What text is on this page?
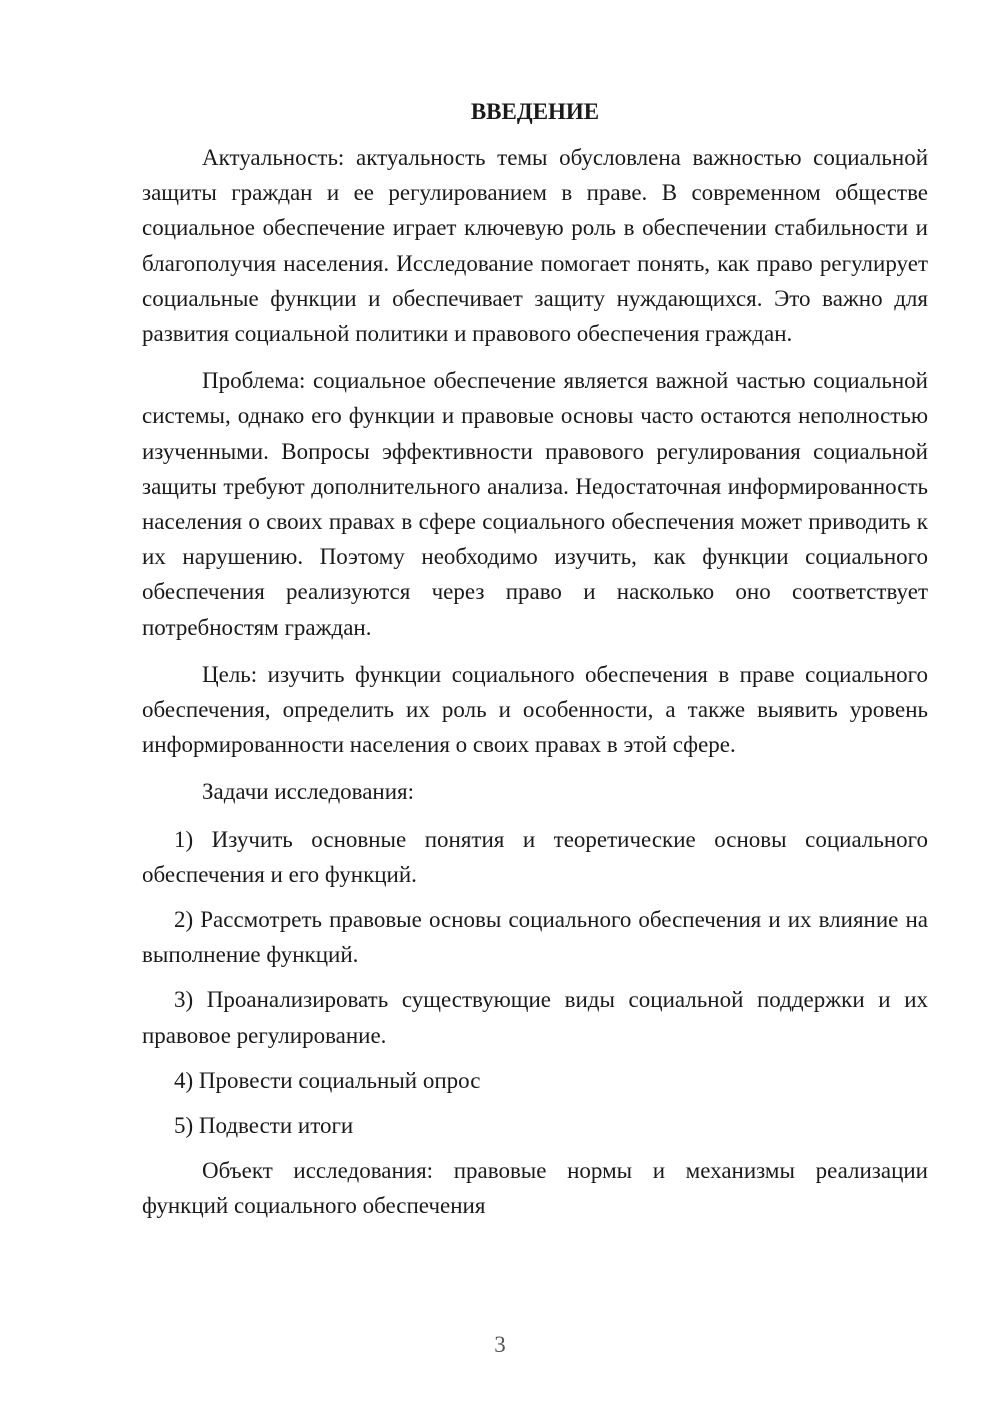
ВВЕДЕНИЕ

Актуальность: актуальность темы обусловлена важностью социальной защиты граждан и ее регулированием в праве. В современном обществе социальное обеспечение играет ключевую роль в обеспечении стабильности и благополучия населения. Исследование помогает понять, как право регулирует социальные функции и обеспечивает защиту нуждающихся. Это важно для развития социальной политики и правового обеспечения граждан.

Проблема: социальное обеспечение является важной частью социальной системы, однако его функции и правовые основы часто остаются неполностью изученными. Вопросы эффективности правового регулирования социальной защиты требуют дополнительного анализа. Недостаточная информированность населения о своих правах в сфере социального обеспечения может приводить к их нарушению. Поэтому необходимо изучить, как функции социального обеспечения реализуются через право и насколько оно соответствует потребностям граждан.

Цель: изучить функции социального обеспечения в праве социального обеспечения, определить их роль и особенности, а также выявить уровень информированности населения о своих правах в этой сфере.

Задачи исследования:

1) Изучить основные понятия и теоретические основы социального обеспечения и его функций.

2) Рассмотреть правовые основы социального обеспечения и их влияние на выполнение функций.

3) Проанализировать существующие виды социальной поддержки и их правовое регулирование.

4) Провести социальный опрос

5) Подвести итоги

Объект исследования: правовые нормы и механизмы реализации функций социального обеспечения

3
